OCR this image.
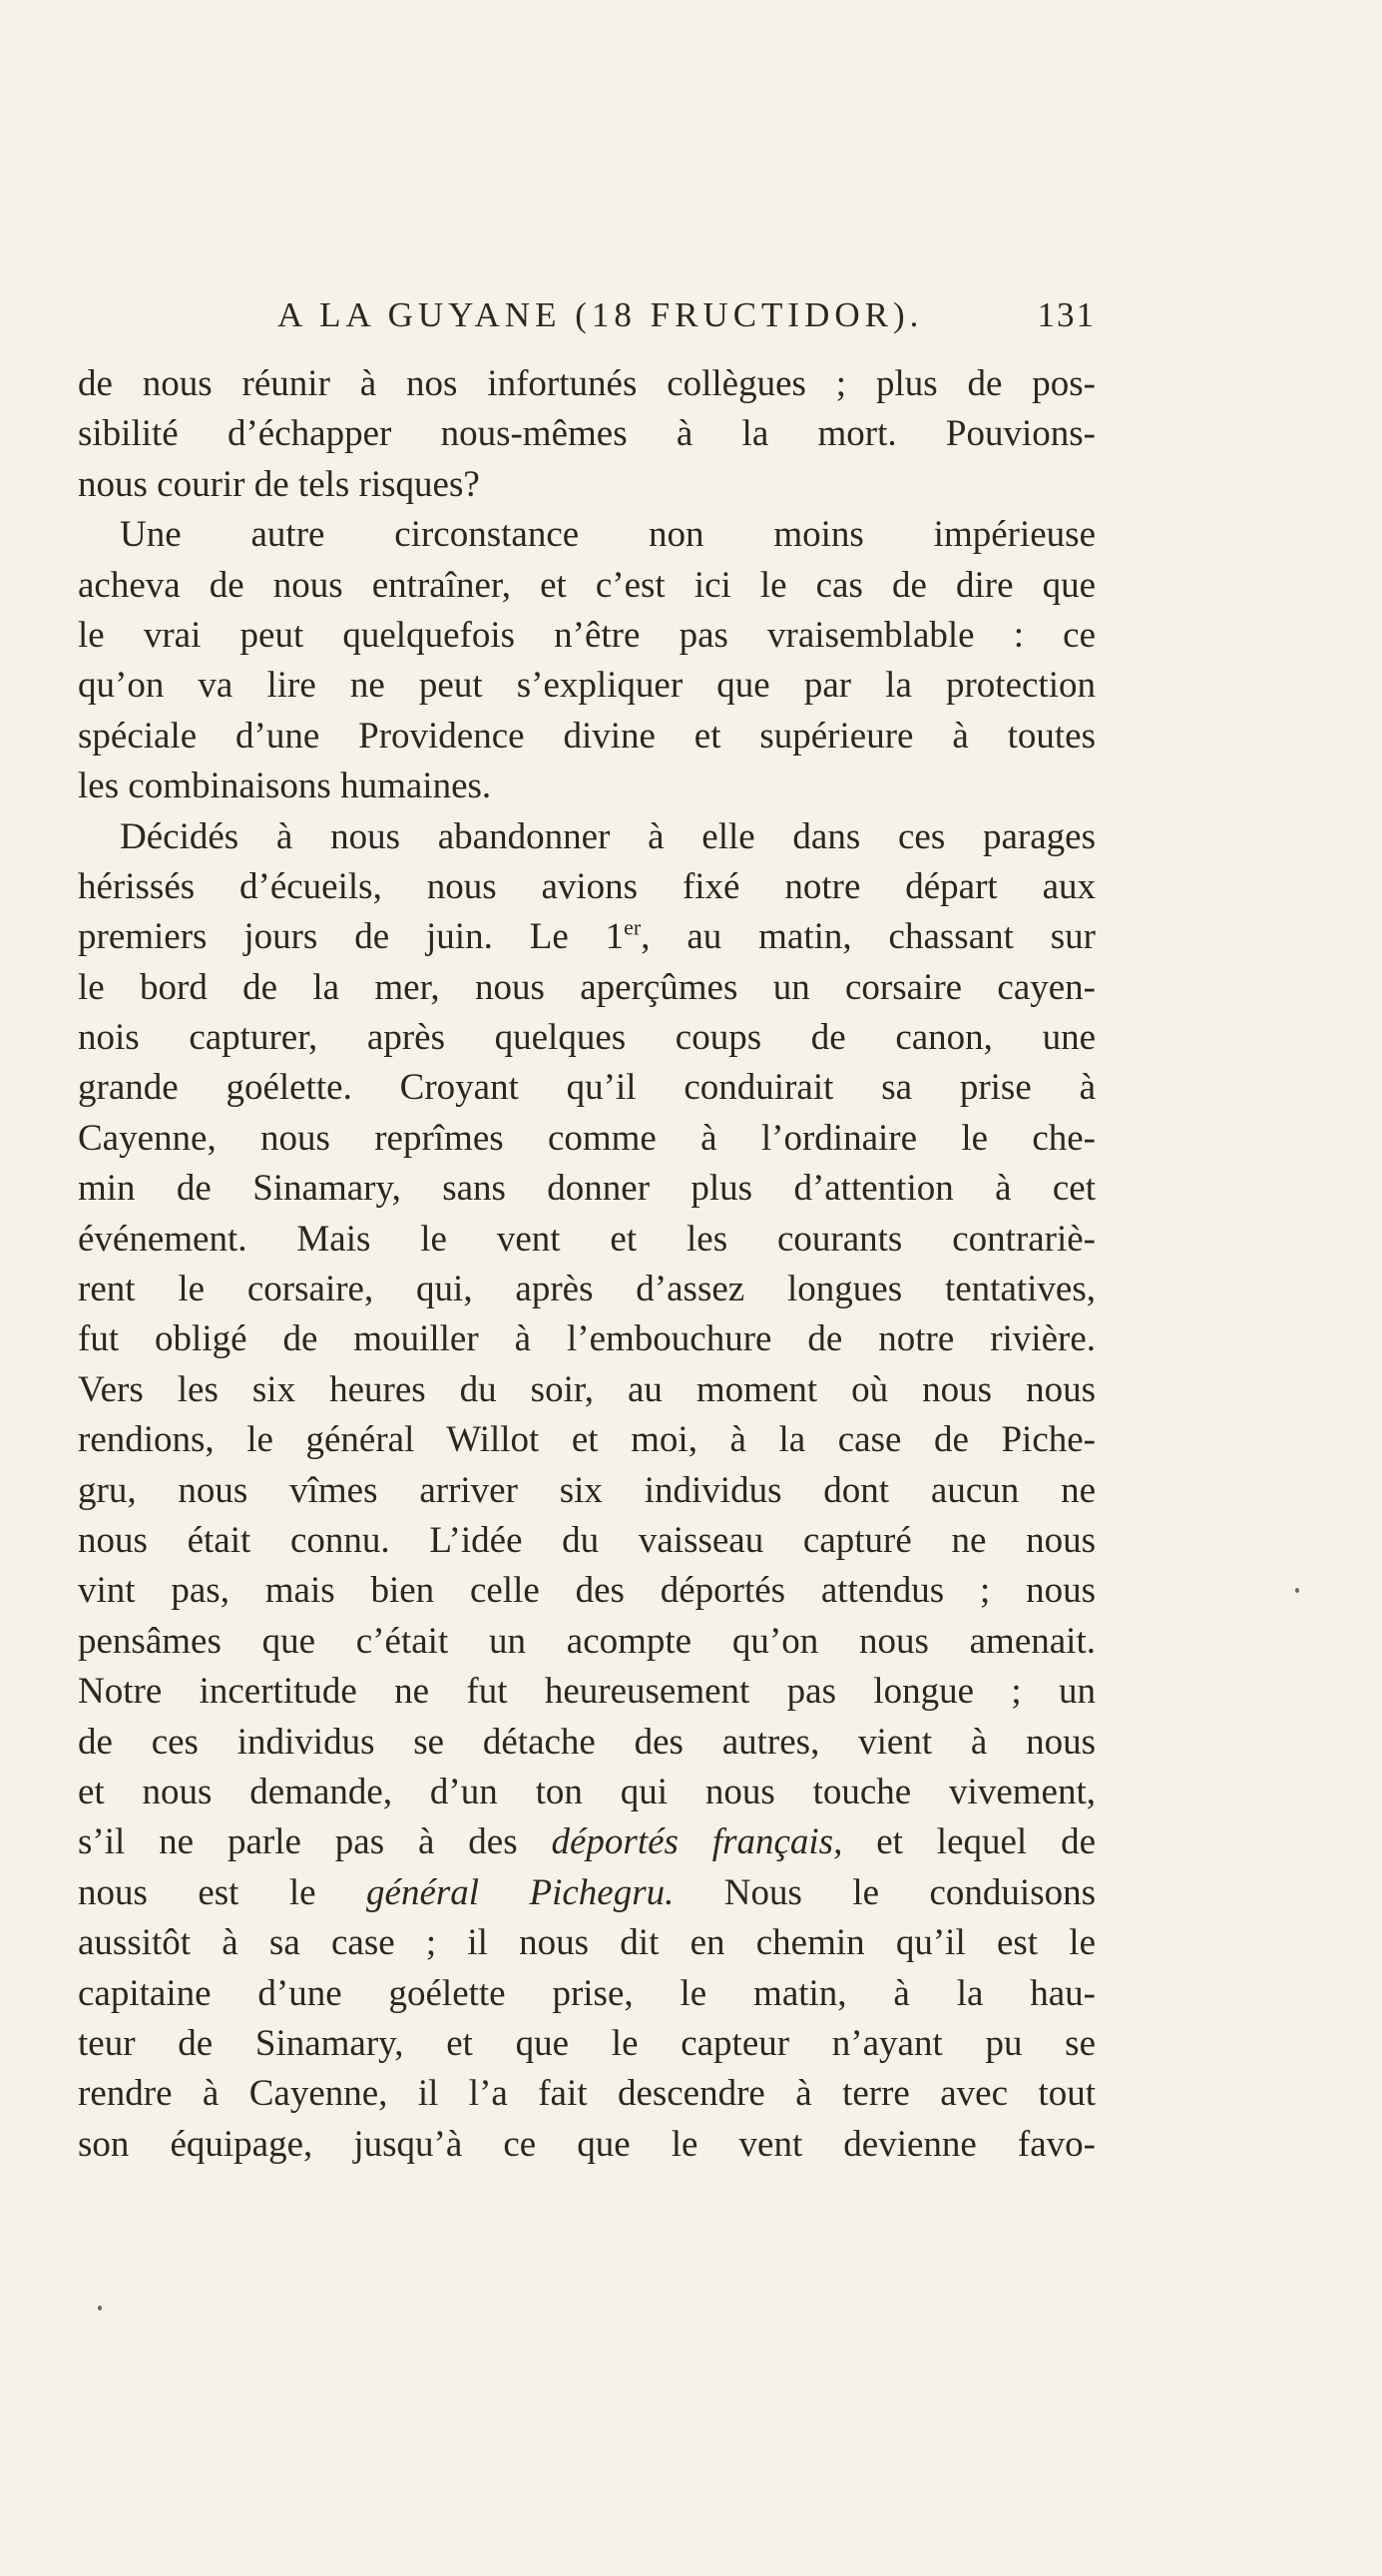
A LA GUYANE (18 FRUCTIDOR).	131
de nous réunir à nos infortunés collègues ; plus de pos-
sibilité d’échapper nous-mêmes à la mort. Pouvions-
nous courir de tels risques?
Une autre circonstance non moins impérieuse
acheva de nous entraîner, et c’est ici le cas de dire que
le vrai peut quelquefois n’être pas vraisemblable : ce
qu’on va lire ne peut s’expliquer que par la protection
spéciale d’une Providence divine et supérieure à toutes
les combinaisons humaines.
Décidés à nous abandonner à elle dans ces parages
hérissés d’écueils, nous avions fixé notre départ aux
premiers jours de juin. Le 1er, au matin, chassant sur
le bord de la mer, nous aperçûmes un corsaire cayen-
nois capturer, après quelques coups de canon, une
grande goélette. Croyant qu’il conduirait sa prise à
Cayenne, nous reprîmes comme à l’ordinaire le che-
min de Sinamary, sans donner plus d’attention à cet
événement. Mais le vent et les courants contrariè-
rent le corsaire, qui, après d’assez longues tentatives,
fut obligé de mouiller à l’embouchure de notre rivière.
Vers les six heures du soir, au moment où nous nous
rendions, le général Willot et moi, à la case de Piche-
gru, nous vîmes arriver six individus dont aucun ne
nous était connu. L’idée du vaisseau capturé ne nous
vint pas, mais bien celle des déportés attendus ; nous
pensâmes que c’était un acompte qu’on nous amenait.
Notre incertitude ne fut heureusement pas longue ; un
de ces individus se détache des autres, vient à nous
et nous demande, d’un ton qui nous touche vivement,
s’il ne parle pas à des déportés français, et lequel de
nous est le général Pichegru. Nous le conduisons
aussitôt à sa case ; il nous dit en chemin qu’il est le
capitaine d’une goélette prise, le matin, à la hau-
teur de Sinamary, et que le capteur n’ayant pu se
rendre à Cayenne, il l’a fait descendre à terre avec tout
son équipage, jusqu’à ce que le vent devienne favo-
